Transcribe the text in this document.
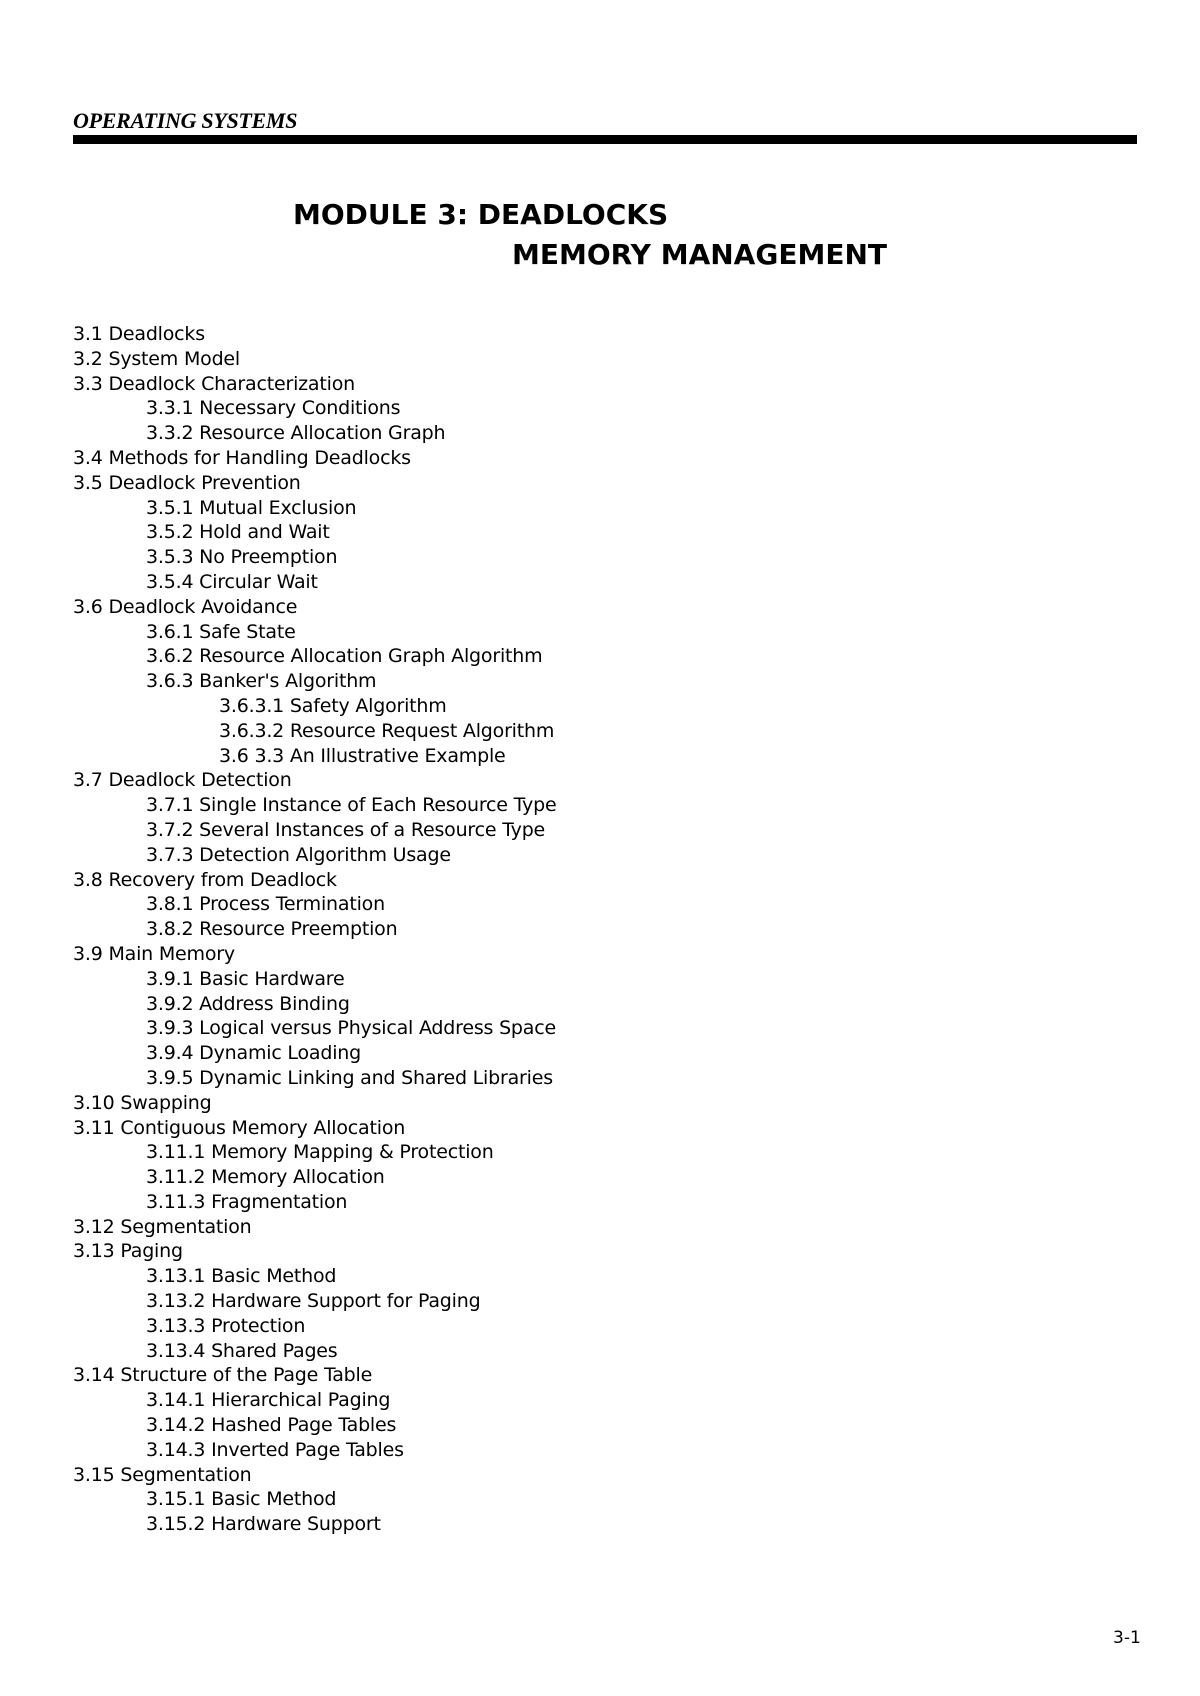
OPERATING SYSTEMS
MODULE 3: DEADLOCKS
MEMORY MANAGEMENT
3.1 Deadlocks
3.2 System Model
3.3 Deadlock Characterization
3.3.1 Necessary Conditions
3.3.2 Resource Allocation Graph
3.4 Methods for Handling Deadlocks
3.5 Deadlock Prevention
3.5.1 Mutual Exclusion
3.5.2 Hold and Wait
3.5.3 No Preemption
3.5.4 Circular Wait
3.6 Deadlock Avoidance
3.6.1 Safe State
3.6.2 Resource Allocation Graph Algorithm
3.6.3 Banker's Algorithm
3.6.3.1 Safety Algorithm
3.6.3.2 Resource Request Algorithm
3.6 3.3 An Illustrative Example
3.7 Deadlock Detection
3.7.1 Single Instance of Each Resource Type
3.7.2 Several Instances of a Resource Type
3.7.3 Detection Algorithm Usage
3.8 Recovery from Deadlock
3.8.1 Process Termination
3.8.2 Resource Preemption
3.9 Main Memory
3.9.1 Basic Hardware
3.9.2 Address Binding
3.9.3 Logical versus Physical Address Space
3.9.4 Dynamic Loading
3.9.5 Dynamic Linking and Shared Libraries
3.10 Swapping
3.11 Contiguous Memory Allocation
3.11.1 Memory Mapping & Protection
3.11.2 Memory Allocation
3.11.3 Fragmentation
3.12 Segmentation
3.13 Paging
3.13.1 Basic Method
3.13.2 Hardware Support for Paging
3.13.3 Protection
3.13.4 Shared Pages
3.14 Structure of the Page Table
3.14.1 Hierarchical Paging
3.14.2 Hashed Page Tables
3.14.3 Inverted Page Tables
3.15 Segmentation
3.15.1 Basic Method
3.15.2 Hardware Support
3-1
